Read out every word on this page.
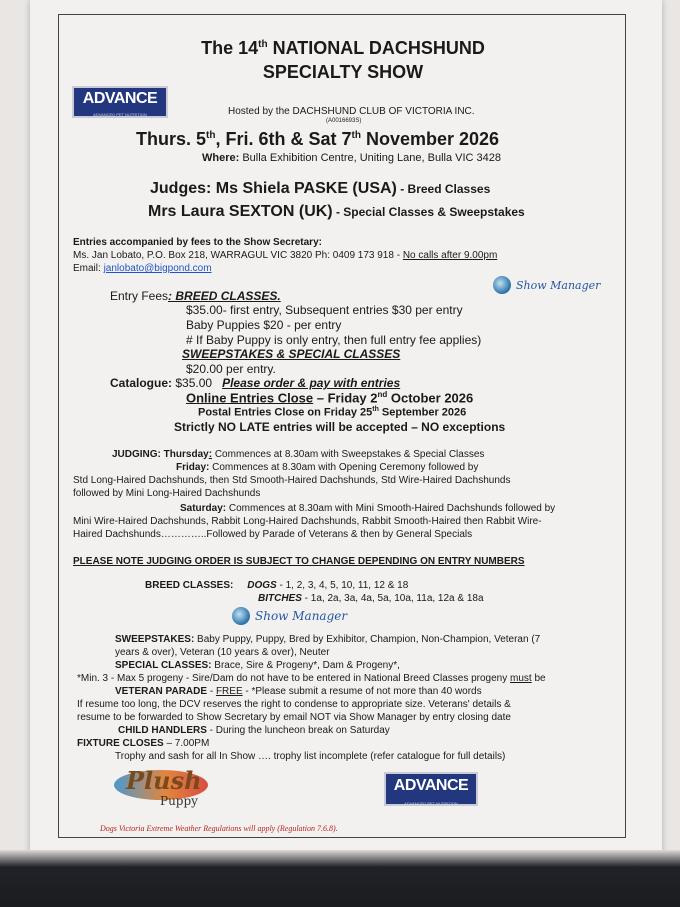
The 14th NATIONAL DACHSHUND
SPECIALTY SHOW
ADVANCE
ADVANCED PET NUTRITION	Hosted by the DACHSHUND CLUB OF VICTORIA INC.
(A0016693S)
Thurs. 5th, Fri. 6th & Sat 7th November 2026
Where: Bulla Exhibition Centre, Uniting Lane, Bulla VIC 3428
Judges: Ms Shiela PASKE (USA) - Breed Classes
Mrs Laura SEXTON (UK) - Special Classes & Sweepstakes
Entries accompanied by fees to the Show Secretary:
Ms. Jan Lobato, P.O. Box 218, WARRAGUL VIC 3820 Ph: 0409 173 918 - No calls after 9.00pm
Email: janlobato@bigpond.com
Show Manager
Entry Fees: BREED CLASSES.
$35.00- first entry, Subsequent entries $30 per entry
Baby Puppies $20 - per entry
# If Baby Puppy is only entry, then full entry fee applies)
SWEEPSTAKES & SPECIAL CLASSES
$20.00 per entry.
Catalogue: $35.00 Please order & pay with entries
Online Entries Close – Friday 2nd October 2026
Postal Entries Close on Friday 25th September 2026
Strictly NO LATE entries will be accepted – NO exceptions
JUDGING: Thursday: Commences at 8.30am with Sweepstakes & Special Classes
Friday: Commences at 8.30am with Opening Ceremony followed by
Std Long-Haired Dachshunds, then Std Smooth-Haired Dachshunds, Std Wire-Haired Dachshunds
followed by Mini Long-Haired Dachshunds
Saturday: Commences at 8.30am with Mini Smooth-Haired Dachshunds followed by
Mini Wire-Haired Dachshunds, Rabbit Long-Haired Dachshunds, Rabbit Smooth-Haired then Rabbit Wire-
Haired Dachshunds…………..Followed by Parade of Veterans & then by General Specials
PLEASE NOTE JUDGING ORDER IS SUBJECT TO CHANGE DEPENDING ON ENTRY NUMBERS
BREED CLASSES: DOGS - 1, 2, 3, 4, 5, 10, 11, 12 & 18
BITCHES - 1a, 2a, 3a, 4a, 5a, 10a, 11a, 12a & 18a
Show Manager
SWEEPSTAKES: Baby Puppy, Puppy, Bred by Exhibitor, Champion, Non-Champion, Veteran (7
years & over), Veteran (10 years & over), Neuter
SPECIAL CLASSES: Brace, Sire & Progeny*, Dam & Progeny*,
*Min. 3 - Max 5 progeny - Sire/Dam do not have to be entered in National Breed Classes progeny must be
VETERAN PARADE - FREE - *Please submit a resume of not more than 40 words
If resume too long, the DCV reserves the right to condense to appropriate size. Veterans' details &
resume to be forwarded to Show Secretary by email NOT via Show Manager by entry closing date
CHILD HANDLERS - During the luncheon break on Saturday
FIXTURE CLOSES – 7.00PM
Trophy and sash for all In Show …. trophy list incomplete (refer catalogue for full details)
Plush
Puppy
ADVANCE
ADVANCED PET NUTRITION
Dogs Victoria Extreme Weather Regulations will apply (Regulation 7.6.8).
